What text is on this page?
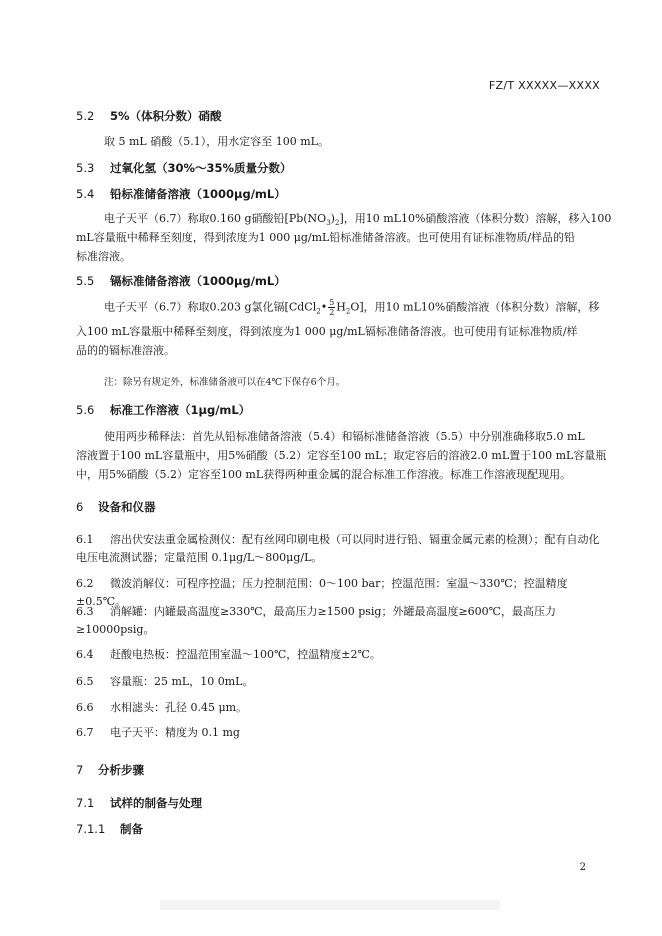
FZ/T XXXXX—XXXX
5.2 5%（体积分数）硝酸
取 5 mL 硝酸（5.1），用水定容至 100 mL。
5.3 过氧化氢（30%～35%质量分数）
5.4 铅标准储备溶液（1000μg/mL）
电子天平（6.7）称取0.160 g硝酸铅$[Pb(NO_3)_2]$，用10 mL10%硝酸溶液（体积分数）溶解，移入100
mL容量瓶中稀释至刻度，得到浓度为1 000 μg/mL铅标准储备溶液。也可使用有证标准物质/样品的铅
标准溶液。
5.5 镉标准储备溶液（1000μg/mL）
电子天平（6.7）称取0.203 g氯化镉[CdCl$_2$• $\frac{5}{2} H_2O$]，用10 mL10%硝酸溶液（体积分数）溶解，移
入100 mL容量瓶中稀释至刻度，得到浓度为1 000 μg/mL镉标准储备溶液。也可使用有证标准物质/样
品的的镉标准溶液。
注：除另有规定外，标准储备液可以在4℃下保存6个月。
5.6 标准工作溶液（1μg/mL）
使用两步稀释法：首先从铅标准储备溶液（5.4）和镉标准储备溶液（5.5）中分别准确移取5.0 mL
溶液置于100 mL容量瓶中，用5%硝酸（5.2）定容至100 mL；取定容后的溶液2.0 mL置于100 mL容量瓶
中，用5%硝酸（5.2）定容至100 mL获得两种重金属的混合标准工作溶液。标准工作溶液现配现用。
6 设备和仪器
6.1 溶出伏安法重金属检测仪：配有丝网印刷电极（可以同时进行铅、镉重金属元素的检测）；配有自动化电压电流测试器；定量范围 0.1μg/L～800μg/L。
6.2 微波消解仪：可程序控温；压力控制范围：0～100 bar；控温范围：室温～330℃；控温精度±0.5℃。
6.3 消解罐：内罐最高温度≥330℃，最高压力≥1500 psig；外罐最高温度≥600℃，最高压力≥10000psig。
6.4 赶酸电热板：控温范围室温～100℃，控温精度±2℃。
6.5 容量瓶：25 mL，10 0mL。
6.6 水相滤头：孔径 0.45 μm。
6.7 电子天平：精度为 0.1 mg
7 分析步骤
7.1 试样的制备与处理
7.1.1 制备
2
